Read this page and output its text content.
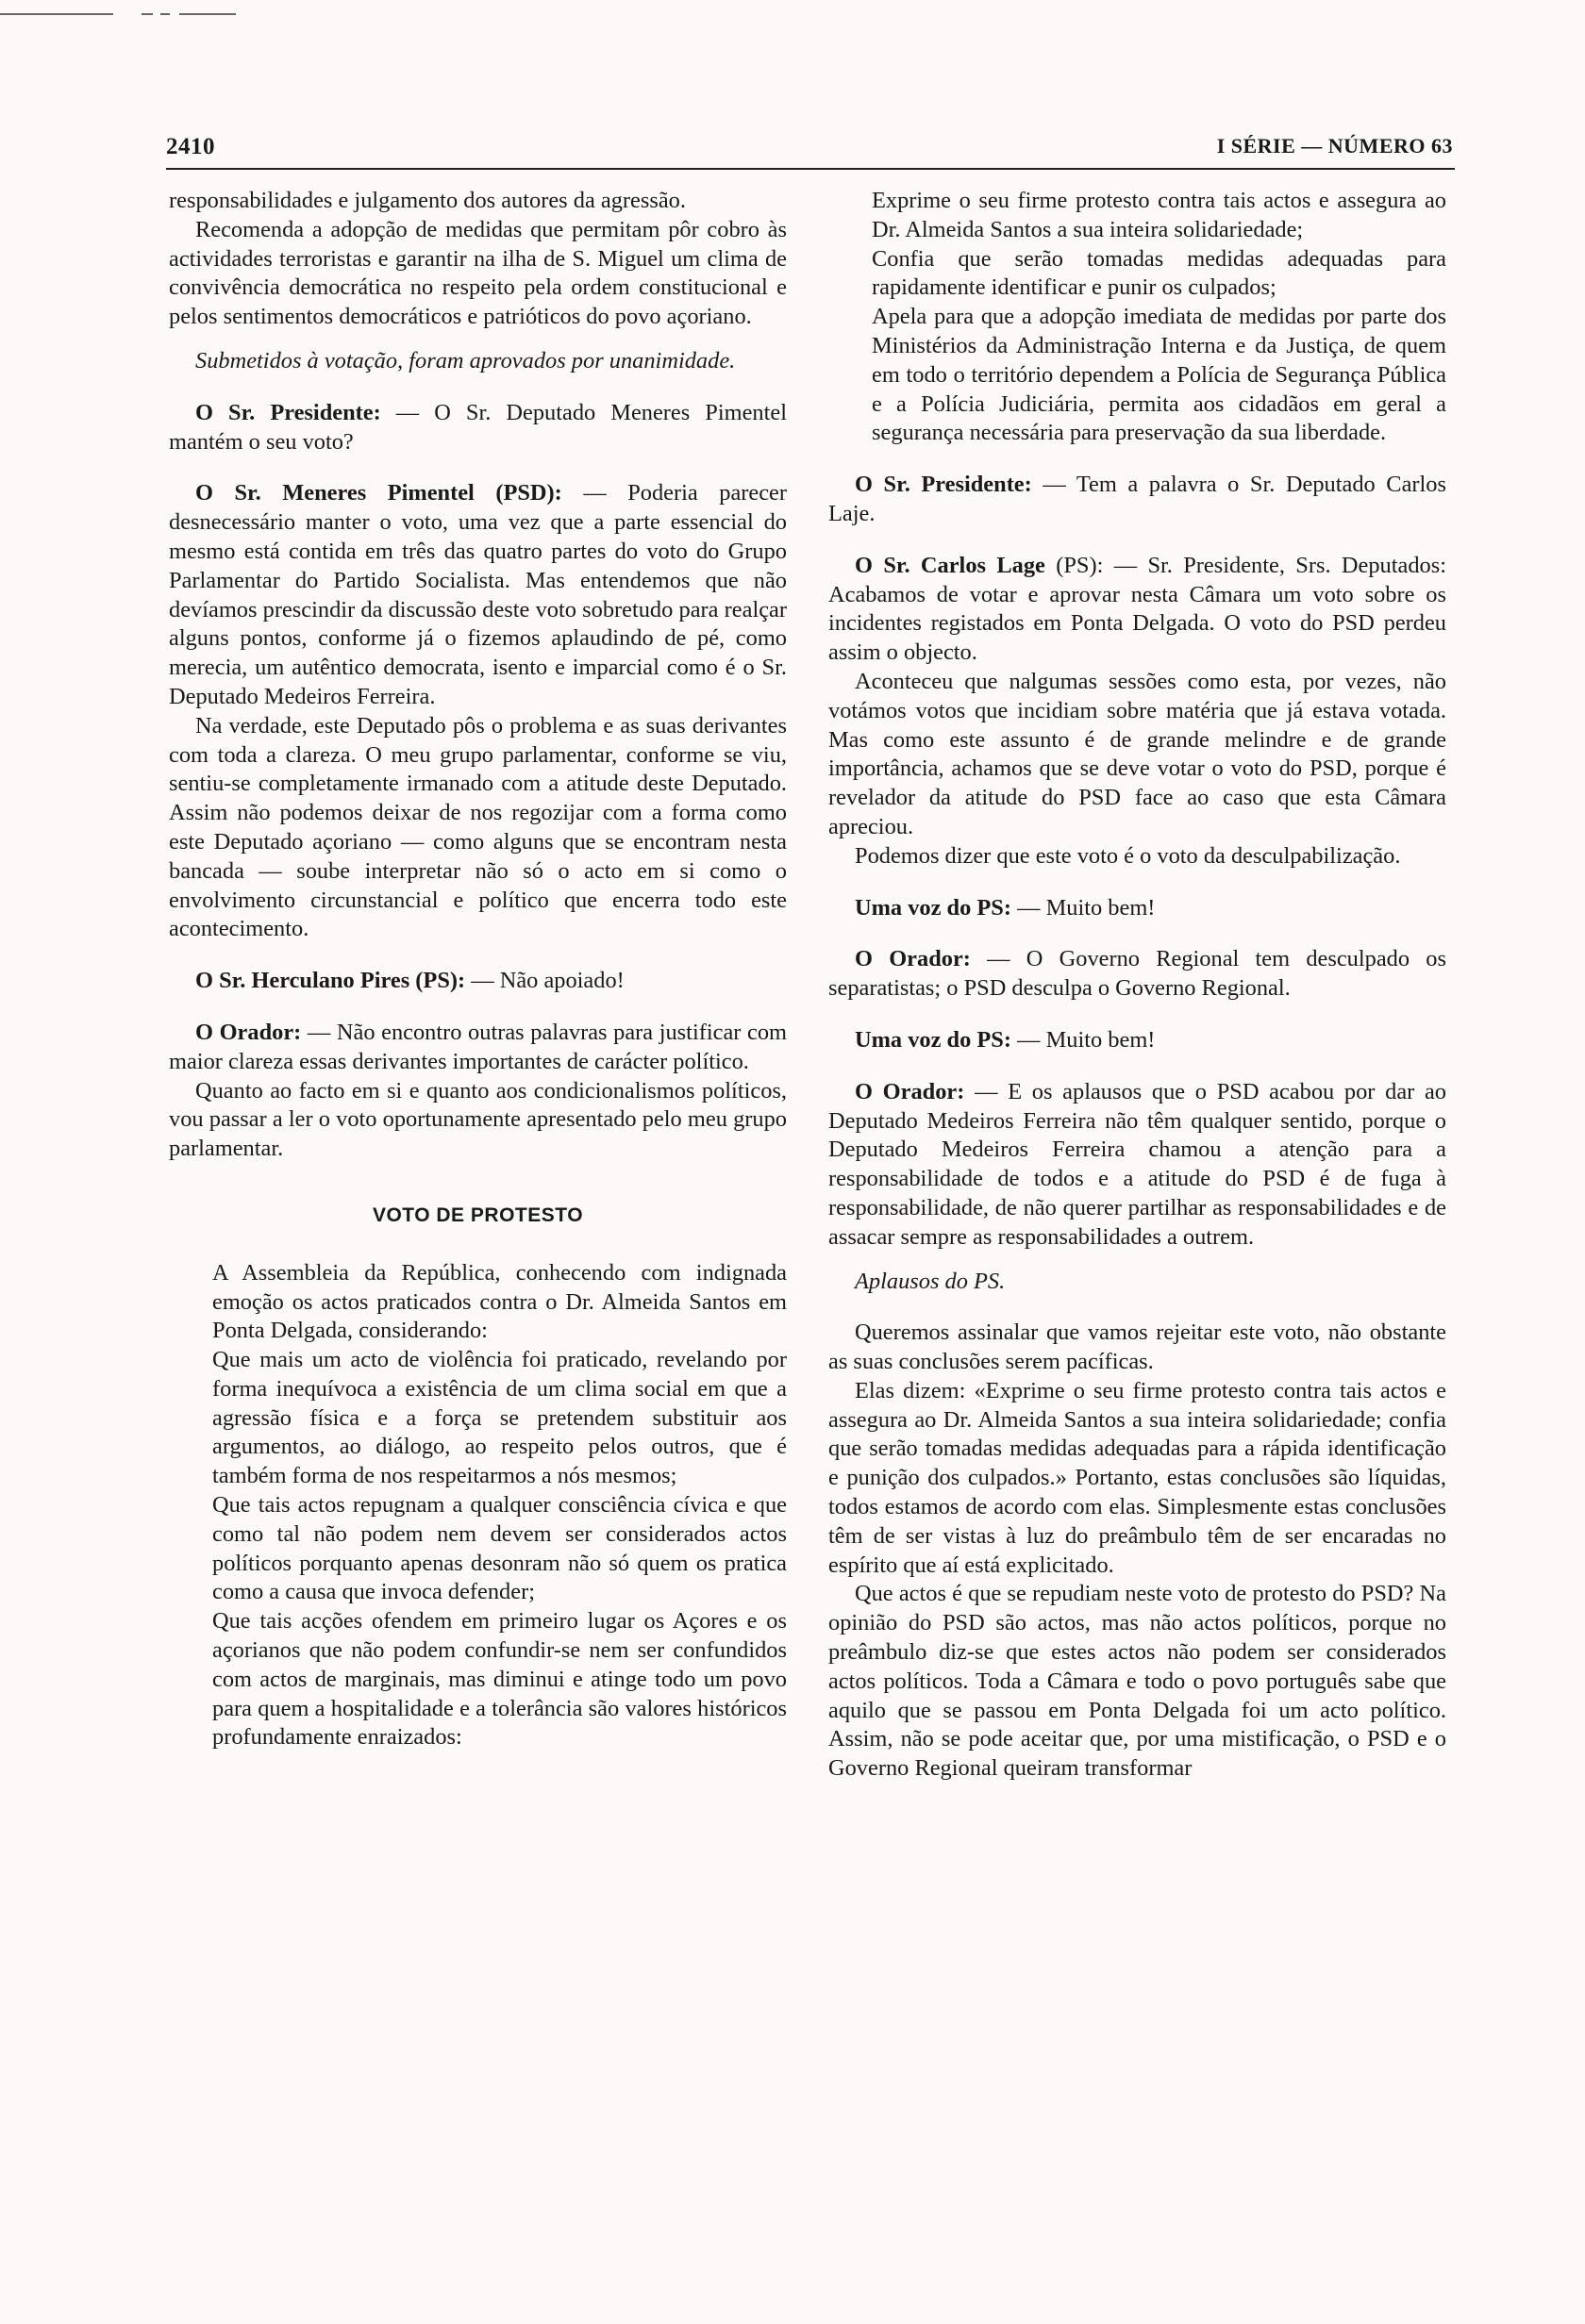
2410	I SÉRIE — NÚMERO 63

responsabilidades e julgamento dos autores da agressão.

Recomenda a adopção de medidas que permitam pôr cobro às actividades terroristas e garantir na ilha de S. Miguel um clima de convivência democrática no respeito pela ordem constitucional e pelos sentimentos democráticos e patrióticos do povo açoriano.

Submetidos à votação, foram aprovados por unanimidade.

O Sr. Presidente: — O Sr. Deputado Meneres Pimentel mantém o seu voto?

O Sr. Meneres Pimentel (PSD): — Poderia parecer desnecessário manter o voto, uma vez que a parte essencial do mesmo está contida em três das quatro partes do voto do Grupo Parlamentar do Partido Socialista. Mas entendemos que não devíamos prescindir da discussão deste voto sobretudo para realçar alguns pontos, conforme já o fizemos aplaudindo de pé, como merecia, um autêntico democrata, isento e imparcial como é o Sr. Deputado Medeiros Ferreira.

Na verdade, este Deputado pôs o problema e as suas derivantes com toda a clareza. O meu grupo parlamentar, conforme se viu, sentiu-se completamente irmanado com a atitude deste Deputado. Assim não podemos deixar de nos regozijar com a forma como este Deputado açoriano — como alguns que se encontram nesta bancada — soube interpretar não só o acto em si como o envolvimento circunstancial e político que encerra todo este acontecimento.

O Sr. Herculano Pires (PS): — Não apoiado!

O Orador: — Não encontro outras palavras para justificar com maior clareza essas derivantes importantes de carácter político.

Quanto ao facto em si e quanto aos condicionalismos políticos, vou passar a ler o voto oportunamente apresentado pelo meu grupo parlamentar.

VOTO DE PROTESTO

A Assembleia da República, conhecendo com indignada emoção os actos praticados contra o Dr. Almeida Santos em Ponta Delgada, considerando:

Que mais um acto de violência foi praticado, revelando por forma inequívoca a existência de um clima social em que a agressão física e a força se pretendem substituir aos argumentos, ao diálogo, ao respeito pelos outros, que é também forma de nos respeitarmos a nós mesmos;

Que tais actos repugnam a qualquer consciência cívica e que como tal não podem nem devem ser considerados actos políticos porquanto apenas desonram não só quem os pratica como a causa que invoca defender;

Que tais acções ofendem em primeiro lugar os Açores e os açorianos que não podem confundir-se nem ser confundidos com actos de marginais, mas diminui e atinge todo um povo para quem a hospitalidade e a tolerância são valores históricos profundamente enraizados:

Exprime o seu firme protesto contra tais actos e assegura ao Dr. Almeida Santos a sua inteira solidariedade;

Confia que serão tomadas medidas adequadas para rapidamente identificar e punir os culpados;

Apela para que a adopção imediata de medidas por parte dos Ministérios da Administração Interna e da Justiça, de quem em todo o território dependem a Polícia de Segurança Pública e a Polícia Judiciária, permita aos cidadãos em geral a segurança necessária para preservação da sua liberdade.

O Sr. Presidente: — Tem a palavra o Sr. Deputado Carlos Laje.

O Sr. Carlos Lage (PS): — Sr. Presidente, Srs. Deputados: Acabamos de votar e aprovar nesta Câmara um voto sobre os incidentes registados em Ponta Delgada. O voto do PSD perdeu assim o objecto.

Aconteceu que nalgumas sessões como esta, por vezes, não votámos votos que incidiam sobre matéria que já estava votada. Mas como este assunto é de grande melindre e de grande importância, achamos que se deve votar o voto do PSD, porque é revelador da atitude do PSD face ao caso que esta Câmara apreciou.

Podemos dizer que este voto é o voto da desculpabilização.

Uma voz do PS: — Muito bem!

O Orador: — O Governo Regional tem desculpado os separatistas; o PSD desculpa o Governo Regional.

Uma voz do PS: — Muito bem!

O Orador: — E os aplausos que o PSD acabou por dar ao Deputado Medeiros Ferreira não têm qualquer sentido, porque o Deputado Medeiros Ferreira chamou a atenção para a responsabilidade de todos e a atitude do PSD é de fuga à responsabilidade, de não querer partilhar as responsabilidades e de assacar sempre as responsabilidades a outrem.

Aplausos do PS.

Queremos assinalar que vamos rejeitar este voto, não obstante as suas conclusões serem pacíficas.

Elas dizem: «Exprime o seu firme protesto contra tais actos e assegura ao Dr. Almeida Santos a sua inteira solidariedade; confia que serão tomadas medidas adequadas para a rápida identificação e punição dos culpados.» Portanto, estas conclusões são líquidas, todos estamos de acordo com elas. Simplesmente estas conclusões têm de ser vistas à luz do preâmbulo têm de ser encaradas no espírito que aí está explicitado.

Que actos é que se repudiam neste voto de protesto do PSD? Na opinião do PSD são actos, mas não actos políticos, porque no preâmbulo diz-se que estes actos não podem ser considerados actos políticos. Toda a Câmara e todo o povo português sabe que aquilo que se passou em Ponta Delgada foi um acto político. Assim, não se pode aceitar que, por uma mistificação, o PSD e o Governo Regional queiram transformar
